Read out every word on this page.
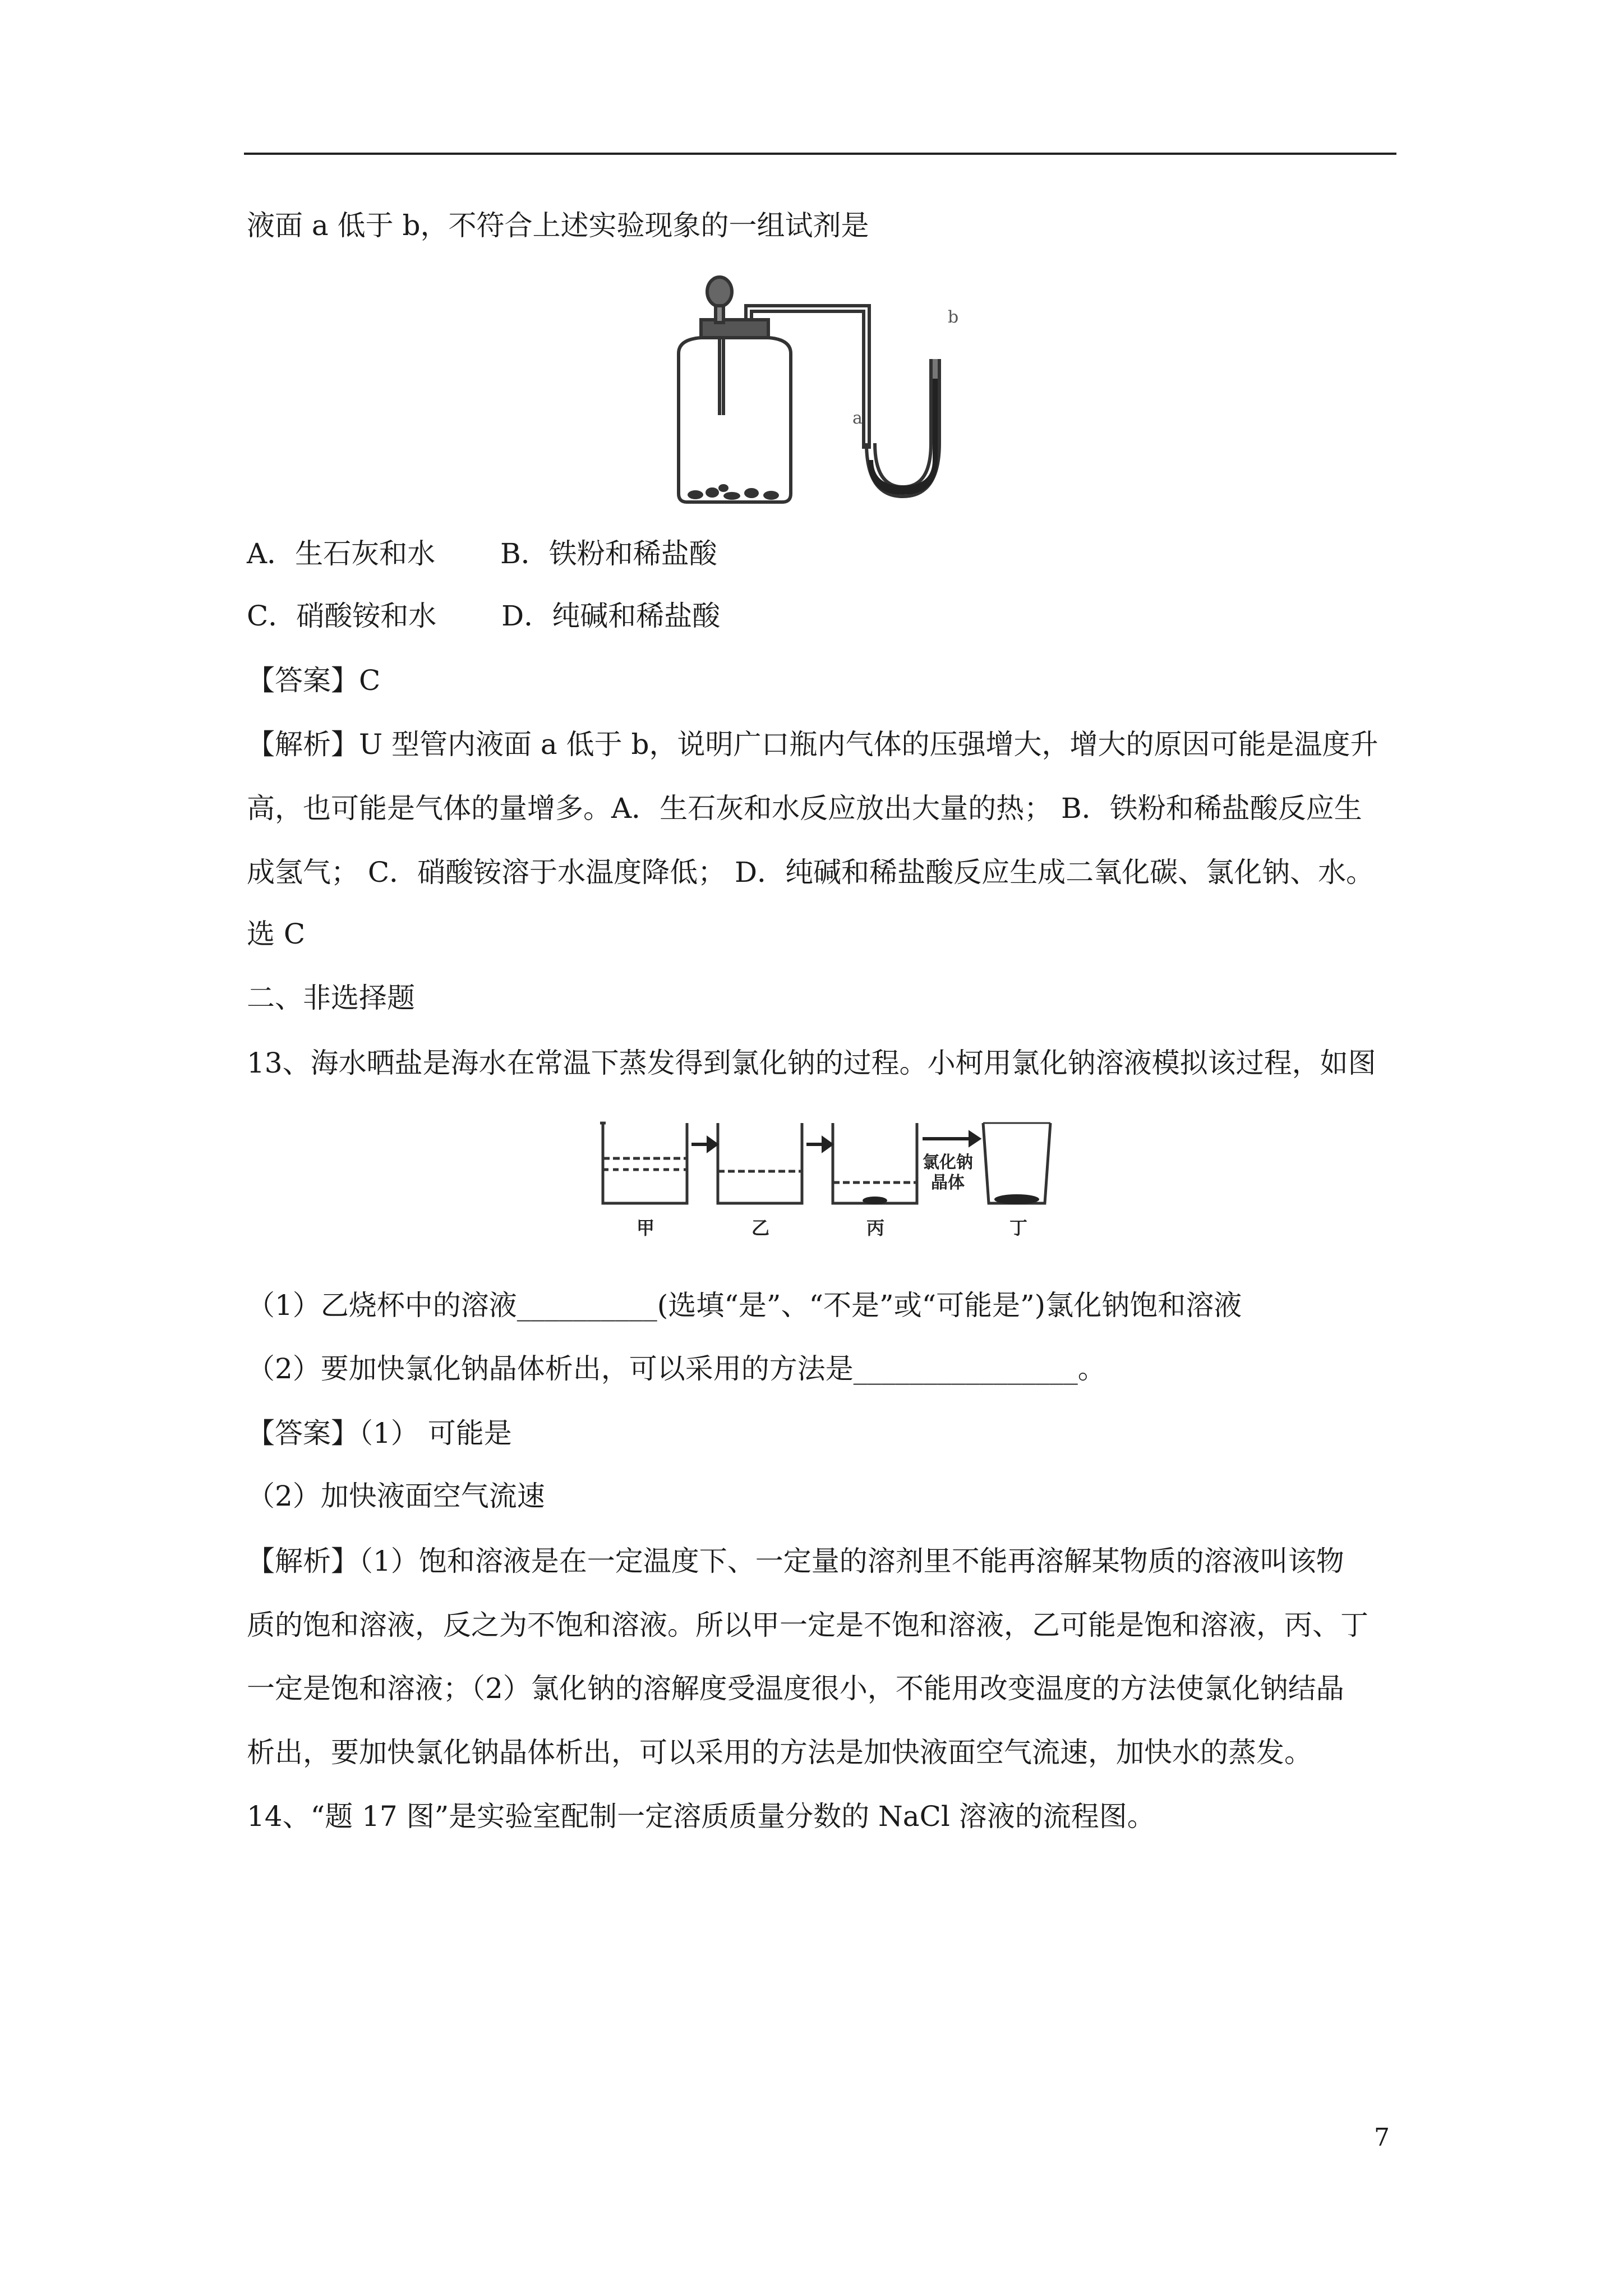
液面 a 低于 b，不符合上述实验现象的一组试剂是
a
b
A．生石灰和水　　 B．铁粉和稀盐酸
C．硝酸铵和水　　 D．纯碱和稀盐酸
【答案】C
【解析】U 型管内液面 a 低于 b，说明广口瓶内气体的压强增大，增大的原因可能是温度升
高，也可能是气体的量增多。A．生石灰和水反应放出大量的热； B．铁粉和稀盐酸反应生
成氢气； C．硝酸铵溶于水温度降低； D．纯碱和稀盐酸反应生成二氧化碳、氯化钠、水。
选 C
二、非选择题
13、海水晒盐是海水在常温下蒸发得到氯化钠的过程。小柯用氯化钠溶液模拟该过程，如图
氯化钠
晶体
甲	乙	丙	丁
（1）乙烧杯中的溶液__________(选填“是”、“不是”或“可能是”)氯化钠饱和溶液
（2）要加快氯化钠晶体析出，可以采用的方法是________________。
【答案】（1） 可能是
（2）加快液面空气流速
【解析】（1）饱和溶液是在一定温度下、一定量的溶剂里不能再溶解某物质的溶液叫该物
质的饱和溶液，反之为不饱和溶液。所以甲一定是不饱和溶液，乙可能是饱和溶液，丙、丁
一定是饱和溶液；（2）氯化钠的溶解度受温度很小，不能用改变温度的方法使氯化钠结晶
析出，要加快氯化钠晶体析出，可以采用的方法是加快液面空气流速，加快水的蒸发。
14、“题 17 图”是实验室配制一定溶质质量分数的 NaCl 溶液的流程图。
7
